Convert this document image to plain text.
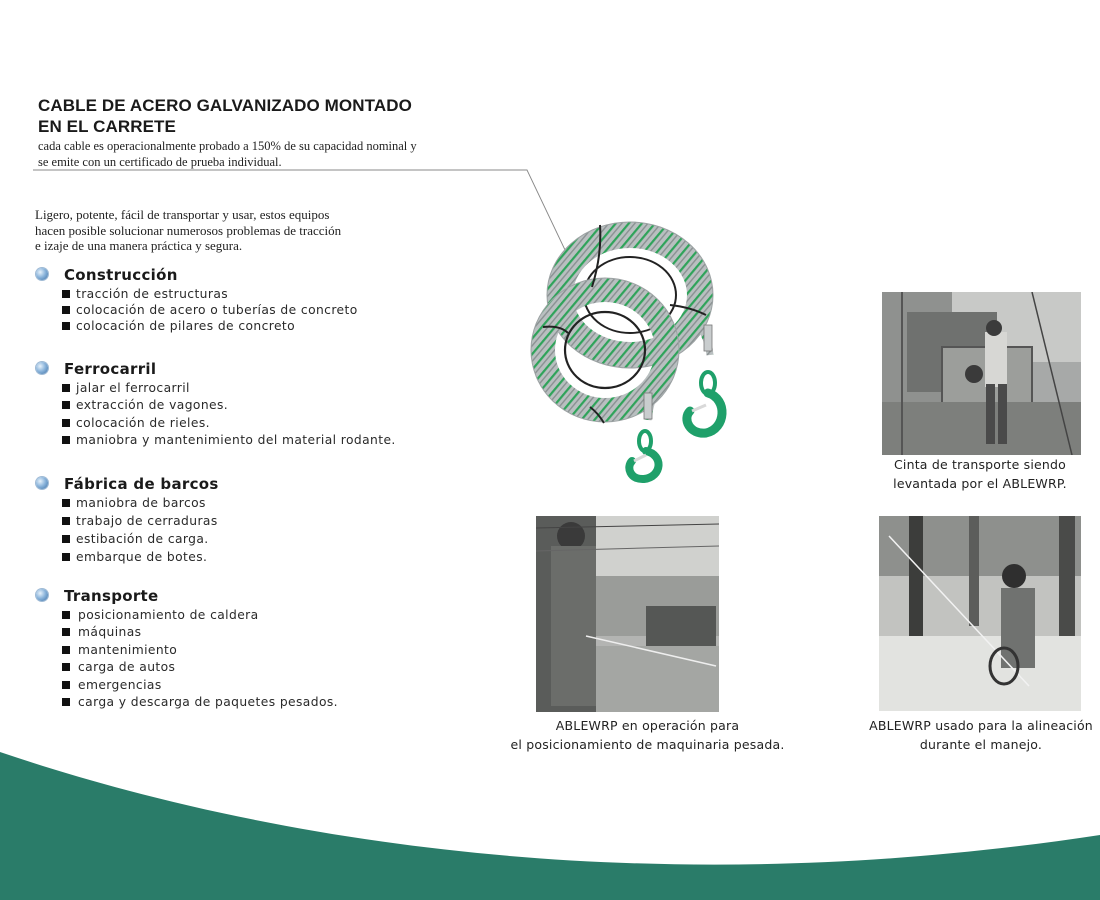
CABLE DE ACERO GALVANIZADO MONTADO
EN EL CARRETE
cada cable es operacionalmente probado a 150% de su capacidad nominal y
se emite con un certificado de prueba individual.
Ligero, potente, fácil de transportar y usar, estos equipos
hacen posible solucionar numerosos problemas de tracción
e izaje de una manera práctica y segura.
Construcción
tracción de estructuras
colocación de acero o tuberías de concreto
colocación de pilares de concreto
Ferrocarril
jalar el ferrocarril
extracción de vagones.
colocación de rieles.
maniobra y mantenimiento del material rodante.
Fábrica de barcos
maniobra de barcos
trabajo de cerraduras
estibación de carga.
embarque de botes.
Transporte
posicionamiento de caldera
máquinas
mantenimiento
carga de autos
emergencias
carga y descarga de paquetes pesados.
Cinta de transporte siendo
levantada por el ABLEWRP.
ABLEWRP en operación para
el posicionamiento de maquinaria pesada.
ABLEWRP usado para la alineación
durante el manejo.
